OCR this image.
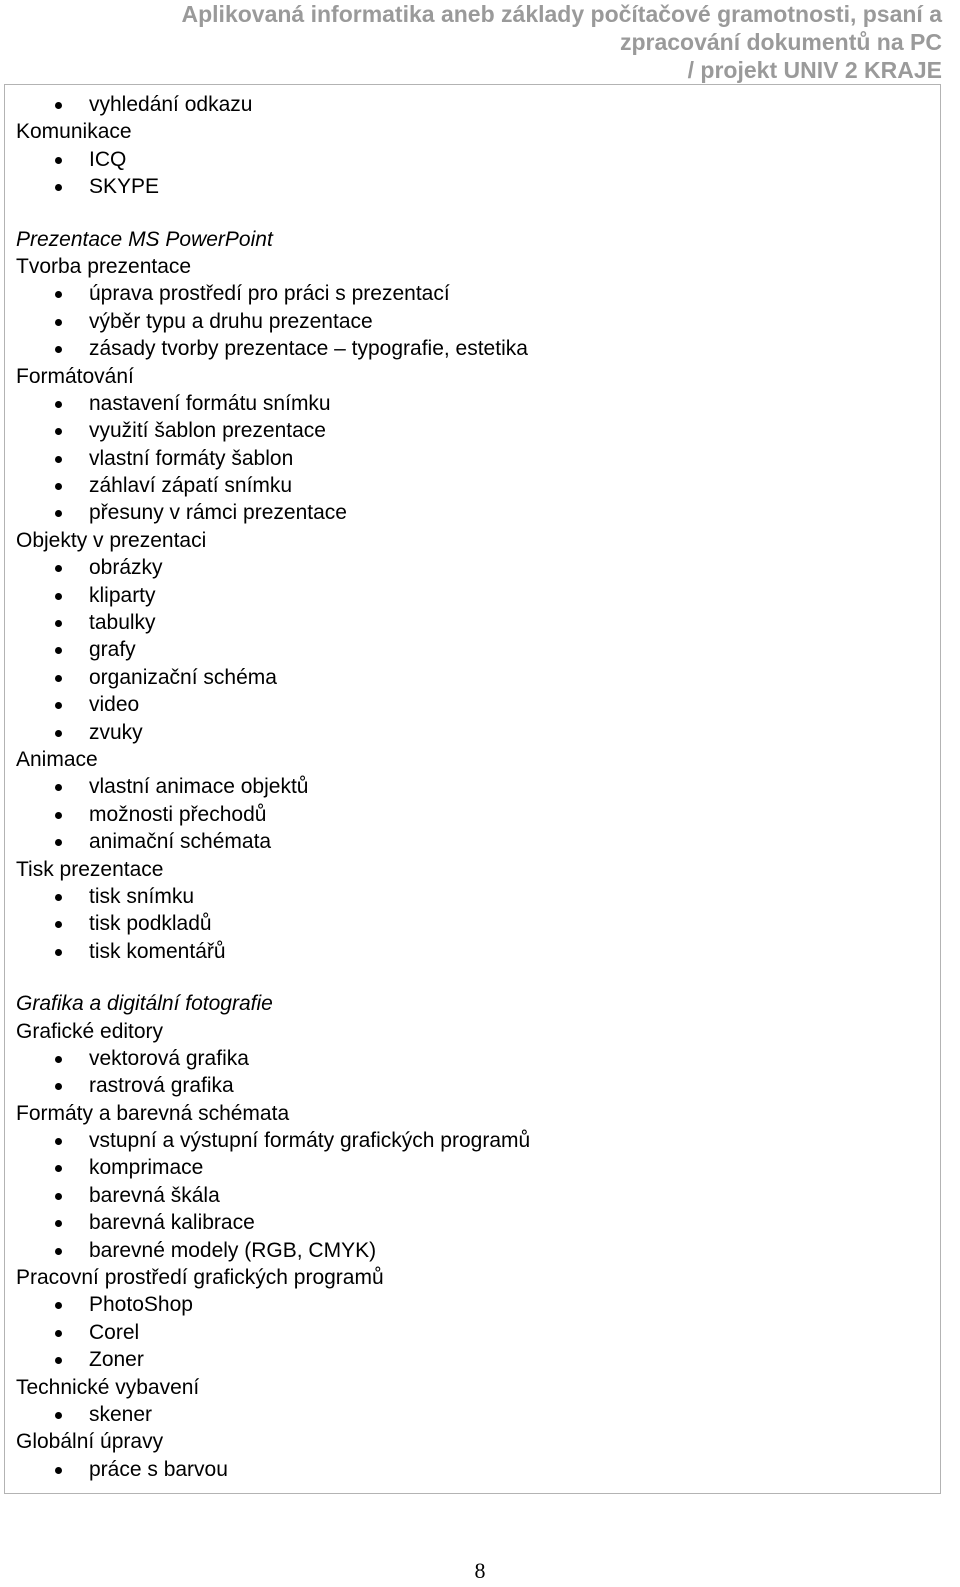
Aplikovaná informatika aneb základy počítačové gramotnosti, psaní a
zpracování dokumentů na PC
/ projekt UNIV 2 KRAJE
vyhledání odkazu
Komunikace
ICQ
SKYPE
Prezentace MS PowerPoint
Tvorba prezentace
úprava prostředí pro práci s prezentací
výběr typu a druhu prezentace
zásady tvorby prezentace – typografie, estetika
Formátování
nastavení formátu snímku
využití šablon prezentace
vlastní formáty šablon
záhlaví zápatí snímku
přesuny v rámci prezentace
Objekty v prezentaci
obrázky
kliparty
tabulky
grafy
organizační schéma
video
zvuky
Animace
vlastní animace objektů
možnosti přechodů
animační schémata
Tisk prezentace
tisk snímku
tisk podkladů
tisk komentářů
Grafika a digitální fotografie
Grafické editory
vektorová grafika
rastrová grafika
Formáty a barevná schémata
vstupní a výstupní formáty grafických programů
komprimace
barevná škála
barevná kalibrace
barevné modely (RGB, CMYK)
Pracovní prostředí grafických programů
PhotoShop
Corel
Zoner
Technické vybavení
skener
Globální úpravy
práce s barvou
8
